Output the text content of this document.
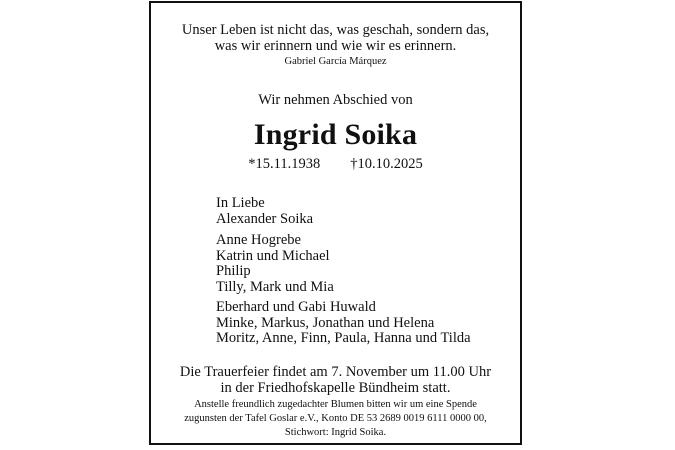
Unser Leben ist nicht das, was geschah, sondern das,
was wir erinnern und wie wir es erinnern.
Gabriel García Márquez
Wir nehmen Abschied von
Ingrid Soika
*15.11.1938 †10.10.2025
In Liebe
Alexander Soika
Anne Hogrebe
Katrin und Michael
Philip
Tilly, Mark und Mia
Eberhard und Gabi Huwald
Minke, Markus, Jonathan und Helena
Moritz, Anne, Finn, Paula, Hanna und Tilda
Die Trauerfeier findet am 7. November um 11.00 Uhr
in der Friedhofskapelle Bündheim statt.
Anstelle freundlich zugedachter Blumen bitten wir um eine Spende
zugunsten der Tafel Goslar e.V., Konto DE 53 2689 0019 6111 0000 00,
Stichwort: Ingrid Soika.
